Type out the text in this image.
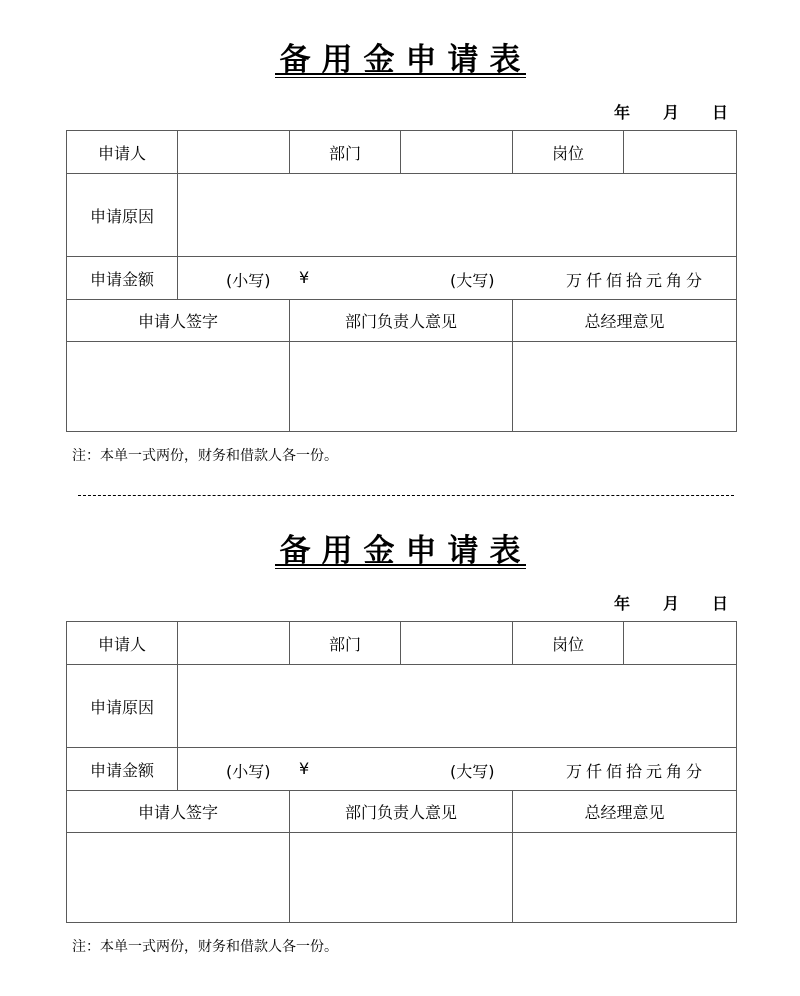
备用金申请表
年 月 日
申请人		部门		岗位	
申请原因					
申请金额	(小写) ¥ (大写) 万仟佰拾元角分				

申请人签字		部门负责人意见		总经理意见	

注：本单一式两份，财务和借款人各一份。
备用金申请表
年 月 日
申请人		部门		岗位	
申请原因					
申请金额	(小写) ¥ (大写) 万仟佰拾元角分				

申请人签字		部门负责人意见		总经理意见	

注：本单一式两份，财务和借款人各一份。
